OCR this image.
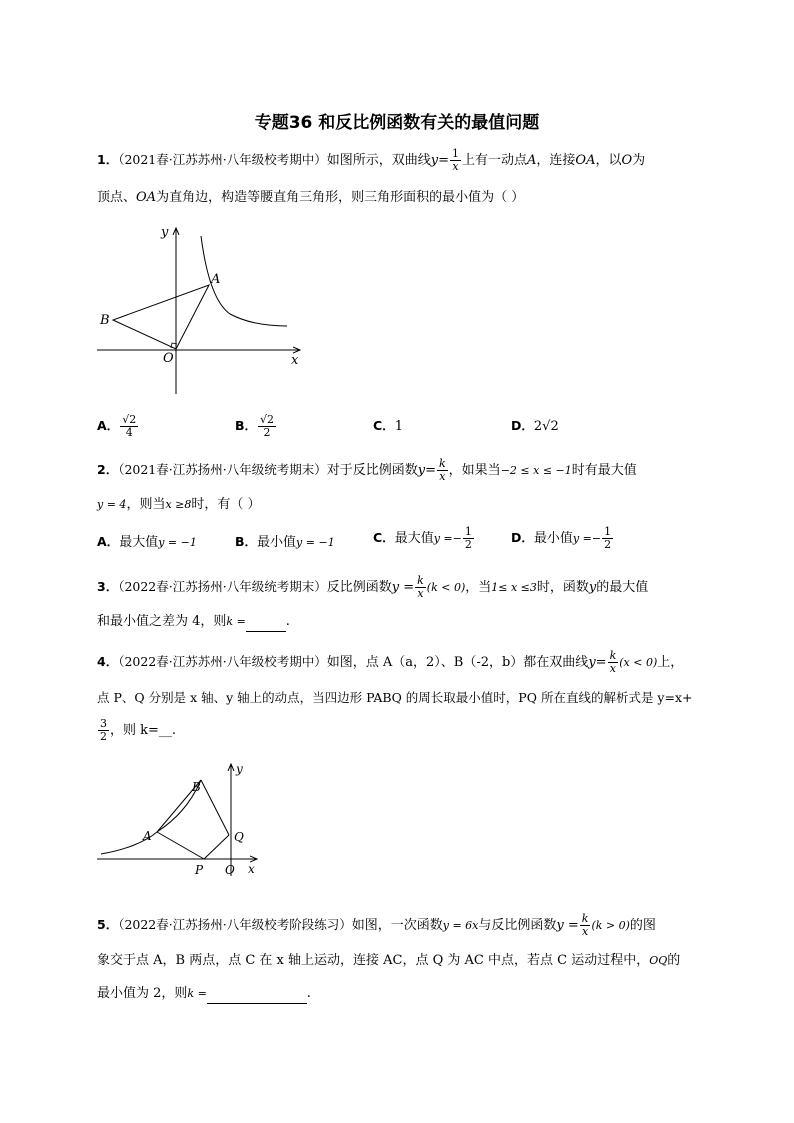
专题36 和反比例函数有关的最值问题
1．（2021春·江苏苏州·八年级校考期中）如图所示，双曲线$y= \frac{1}{x}$ 上有一动点A，连接OA，以O为
顶点、OA为直角边，构造等腰直角三角形，则三角形面积的最小值为（ ）
y
x
A
B
O
A． $\frac{√2}{4}$	B． $\frac{√2}{2}$	C．1	D．2√2
2．（2021春·江苏扬州·八年级统考期末）对于反比例函数$y= \frac{k}{x}$ ，如果当−2 ≤ x ≤ −1时有最大值
y = 4，则当x ≥8时，有（ ）
A．最大值y = −1	B．最小值y = −1	C．最大值$y =- \frac{1}{2}$	D．最小值$y =- \frac{1}{2}$
3．（2022春·江苏扬州·八年级统考期末）反比例函数$y = \frac{k}{x} (k < 0)$，当1≤ x ≤3时，函数y的最大值
和最小值之差为 4，则k =	.
4．（2022春·江苏苏州·八年级校考期中）如图，点 A（a，2）、B（-2，b）都在双曲线$y= \frac{k}{x} (x < 0)$上，
点 P、Q 分别是 x 轴、y 轴上的动点，当四边形 PABQ 的周长取最小值时，PQ 所在直线的解析式是 y=x+
$\frac{3}{2}$ ，则 k=__.
y
x
A
B
Q
P O
5．（2022春·江苏扬州·八年级校考阶段练习）如图，一次函数y = 6x与反比例函数$y = \frac{k}{x} (k > 0)$的图
象交于点 A，B 两点，点 C 在 x 轴上运动，连接 AC，点 Q 为 AC 中点，若点 C 运动过程中，OQ的
最小值为 2，则k =	.
